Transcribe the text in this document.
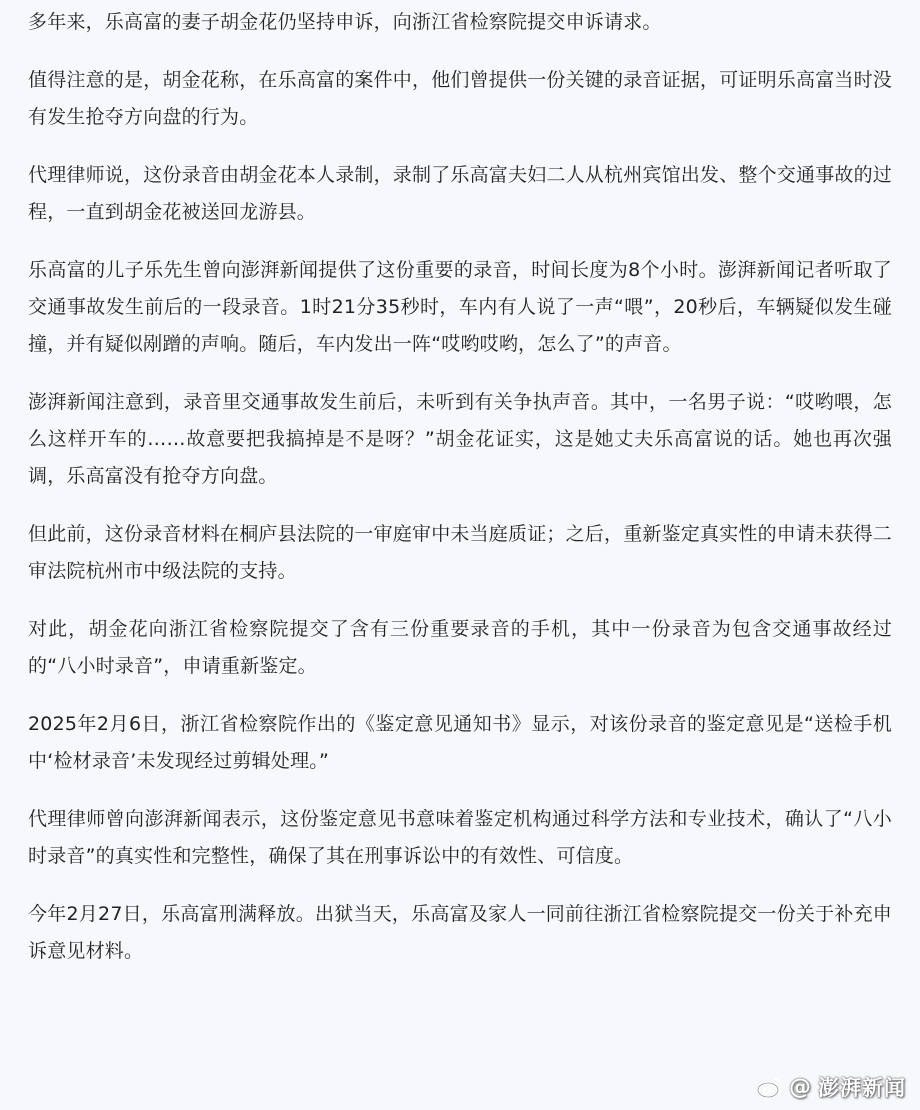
多年来，乐高富的妻子胡金花仍坚持申诉，向浙江省检察院提交申诉请求。

值得注意的是，胡金花称，在乐高富的案件中，他们曾提供一份关键的录音证据，可证明乐高富当时没有发生抢夺方向盘的行为。

代理律师说，这份录音由胡金花本人录制，录制了乐高富夫妇二人从杭州宾馆出发、整个交通事故的过程，一直到胡金花被送回龙游县。

乐高富的儿子乐先生曾向澎湃新闻提供了这份重要的录音，时间长度为8个小时。澎湃新闻记者听取了交通事故发生前后的一段录音。1时21分35秒时，车内有人说了一声“喂”，20秒后，车辆疑似发生碰撞，并有疑似剐蹭的声响。随后，车内发出一阵“哎哟哎哟，怎么了”的声音。

澎湃新闻注意到，录音里交通事故发生前后，未听到有关争执声音。其中，一名男子说：“哎哟喂，怎么这样开车的……故意要把我搞掉是不是呀？”胡金花证实，这是她丈夫乐高富说的话。她也再次强调，乐高富没有抢夺方向盘。

但此前，这份录音材料在桐庐县法院的一审庭审中未当庭质证；之后，重新鉴定真实性的申请未获得二审法院杭州市中级法院的支持。

对此，胡金花向浙江省检察院提交了含有三份重要录音的手机，其中一份录音为包含交通事故经过的“八小时录音”，申请重新鉴定。

2025年2月6日，浙江省检察院作出的《鉴定意见通知书》显示，对该份录音的鉴定意见是“送检手机中‘检材录音’未发现经过剪辑处理。”

代理律师曾向澎湃新闻表示，这份鉴定意见书意味着鉴定机构通过科学方法和专业技术，确认了“八小时录音”的真实性和完整性，确保了其在刑事诉讼中的有效性、可信度。

今年2月27日，乐高富刑满释放。出狱当天，乐高富及家人一同前往浙江省检察院提交一份关于补充申诉意见材料。

@ 澎湃新闻
